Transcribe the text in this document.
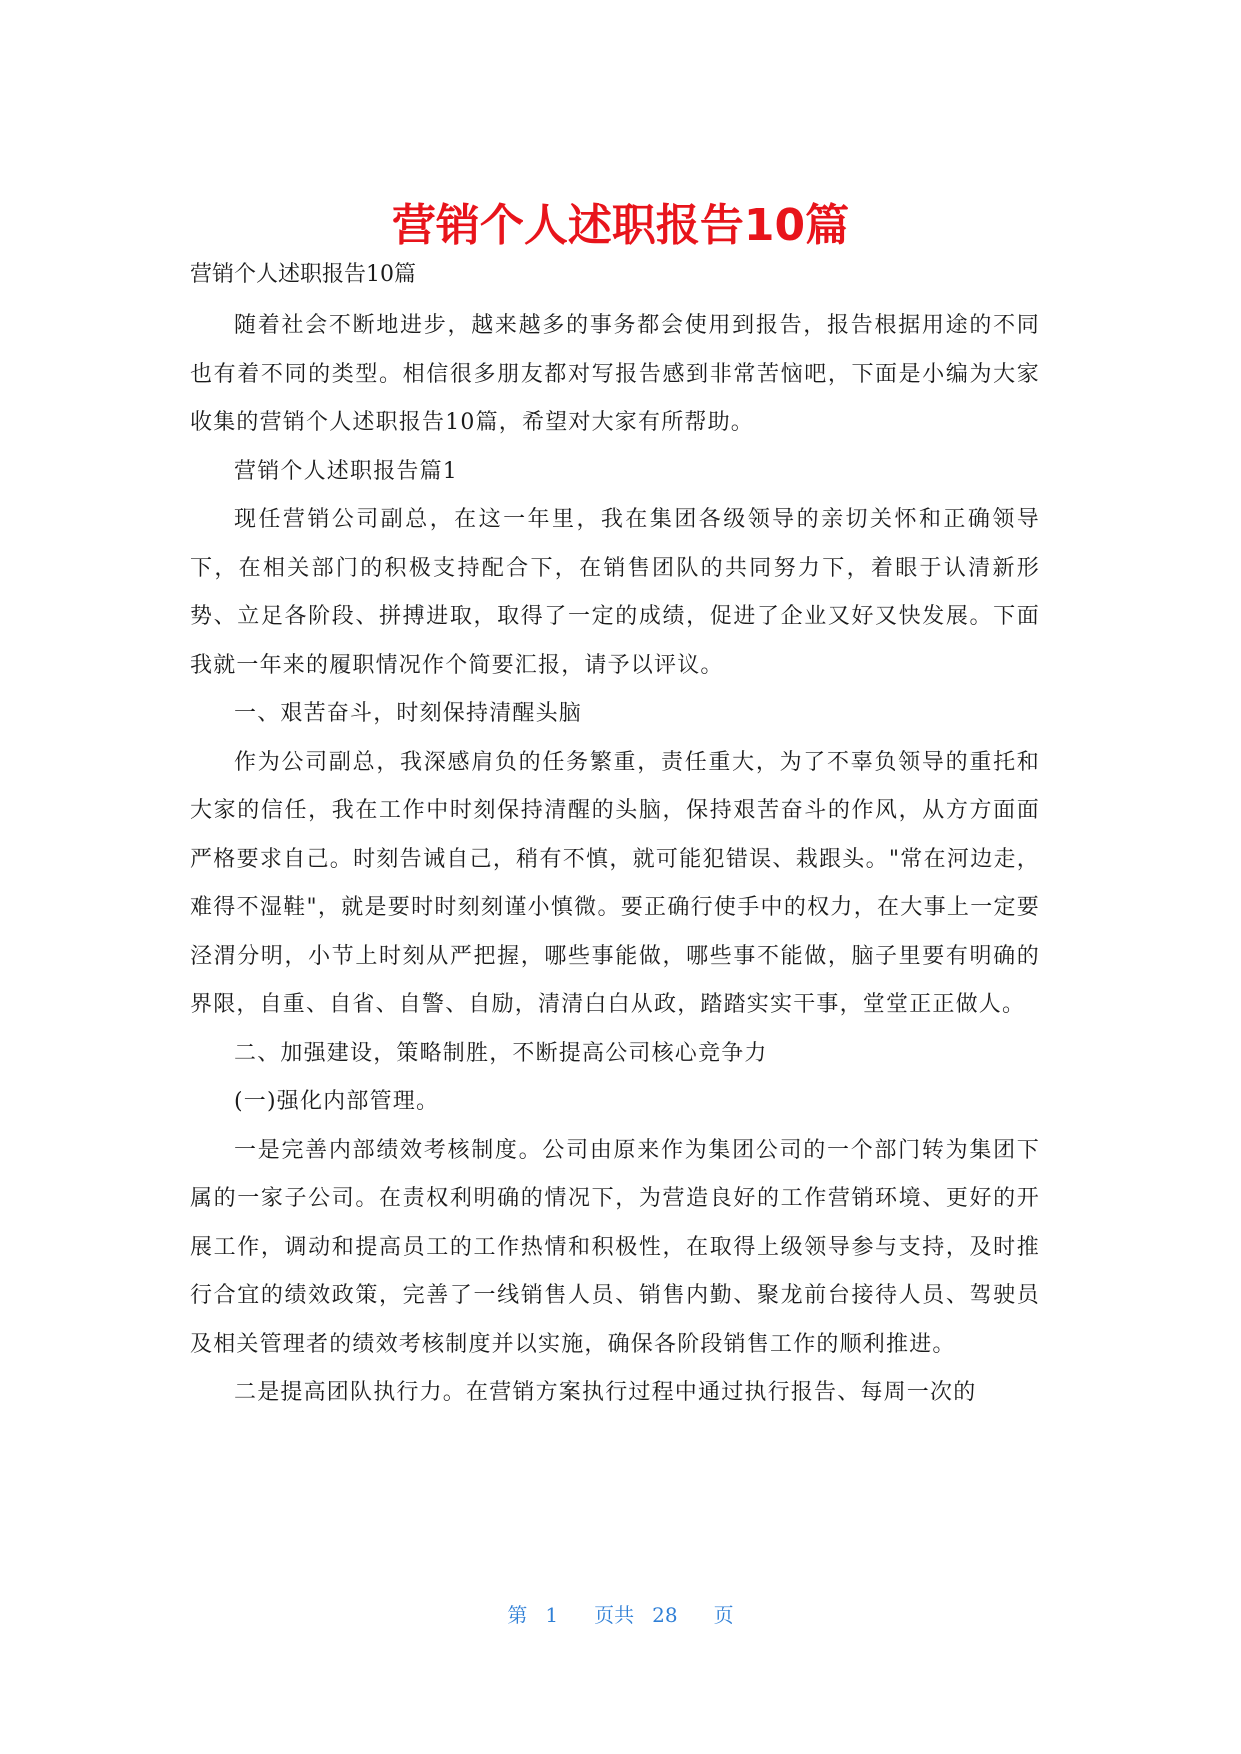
营销个人述职报告10篇

营销个人述职报告10篇

随着社会不断地进步，越来越多的事务都会使用到报告，报告根据用途的不同也有着不同的类型。相信很多朋友都对写报告感到非常苦恼吧，下面是小编为大家收集的营销个人述职报告10篇，希望对大家有所帮助。

营销个人述职报告篇1

现任营销公司副总，在这一年里，我在集团各级领导的亲切关怀和正确领导下，在相关部门的积极支持配合下，在销售团队的共同努力下，着眼于认清新形势、立足各阶段、拼搏进取，取得了一定的成绩，促进了企业又好又快发展。下面我就一年来的履职情况作个简要汇报，请予以评议。

一、艰苦奋斗，时刻保持清醒头脑

作为公司副总，我深感肩负的任务繁重，责任重大，为了不辜负领导的重托和大家的信任，我在工作中时刻保持清醒的头脑，保持艰苦奋斗的作风，从方方面面严格要求自己。时刻告诫自己，稍有不慎，就可能犯错误、栽跟头。"常在河边走，难得不湿鞋"，就是要时时刻刻谨小慎微。要正确行使手中的权力，在大事上一定要泾渭分明，小节上时刻从严把握，哪些事能做，哪些事不能做，脑子里要有明确的界限，自重、自省、自警、自励，清清白白从政，踏踏实实干事，堂堂正正做人。

二、加强建设，策略制胜，不断提高公司核心竞争力

(一)强化内部管理。

一是完善内部绩效考核制度。公司由原来作为集团公司的一个部门转为集团下属的一家子公司。在责权利明确的情况下，为营造良好的工作营销环境、更好的开展工作，调动和提高员工的工作热情和积极性，在取得上级领导参与支持，及时推行合宜的绩效政策，完善了一线销售人员、销售内勤、聚龙前台接待人员、驾驶员及相关管理者的绩效考核制度并以实施，确保各阶段销售工作的顺利推进。

二是提高团队执行力。在营销方案执行过程中通过执行报告、每周一次的

第 1 页共 28 页
